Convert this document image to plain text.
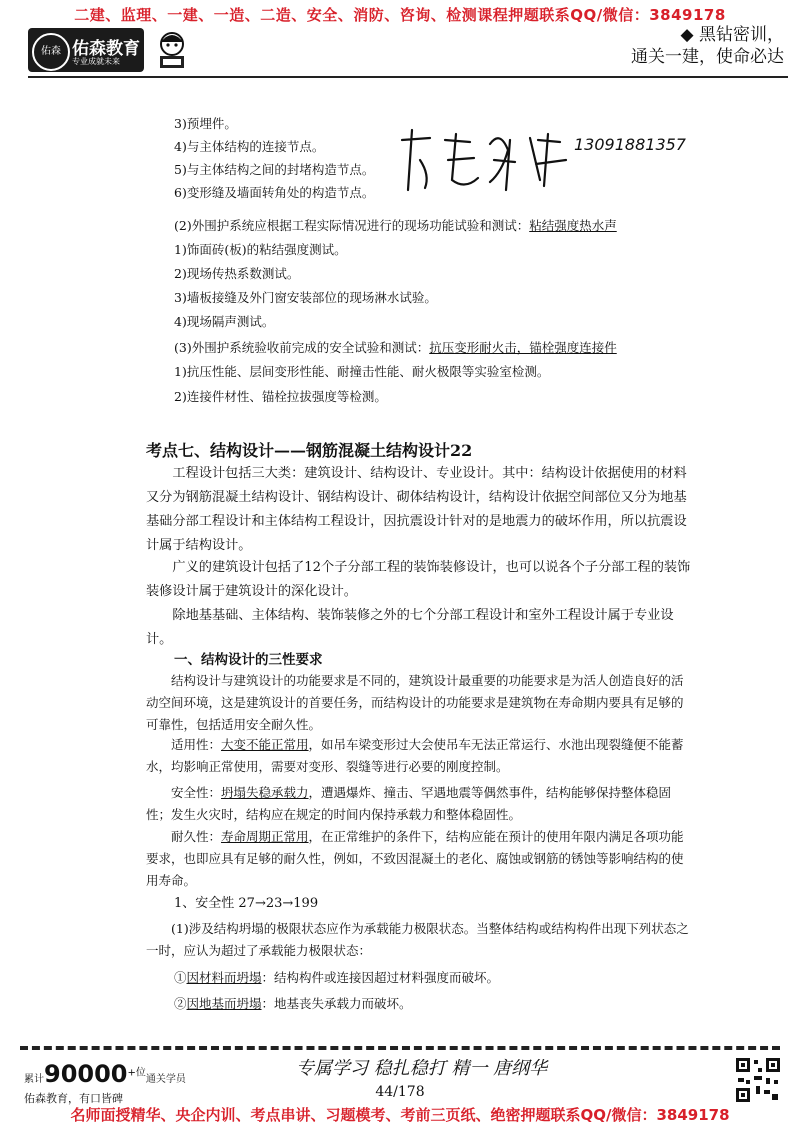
二建、监理、一建、一造、二造、安全、消防、咨询、检测课程押题联系QQ/微信：3849178
佑森 佑森教育
专业成就未来
◆ 黑钻密训，
通关一建，使命必达
3)预埋件。
4)与主体结构的连接节点。
5)与主体结构之间的封堵构造节点。
6)变形缝及墙面转角处的构造节点。
13091881357
(2)外围护系统应根据工程实际情况进行的现场功能试验和测试：粘结强度热水声
1)饰面砖(板)的粘结强度测试。
2)现场传热系数测试。
3)墙板接缝及外门窗安装部位的现场淋水试验。
4)现场隔声测试。
(3)外围护系统验收前完成的安全试验和测试：抗压变形耐火击，锚栓强度连接件
1)抗压性能、层间变形性能、耐撞击性能、耐火极限等实验室检测。
2)连接件材性、锚栓拉拔强度等检测。
考点七、结构设计——钢筋混凝土结构设计22
工程设计包括三大类：建筑设计、结构设计、专业设计。其中：结构设计依据使用的材料又分为钢筋混凝土结构设计、钢结构设计、砌体结构设计，结构设计依据空间部位又分为地基基础分部工程设计和主体结构工程设计，因抗震设计针对的是地震力的破坏作用，所以抗震设计属于结构设计。
广义的建筑设计包括了12个子分部工程的装饰装修设计，也可以说各个子分部工程的装饰装修设计属于建筑设计的深化设计。
除地基基础、主体结构、装饰装修之外的七个分部工程设计和室外工程设计属于专业设计。
一、结构设计的三性要求
结构设计与建筑设计的功能要求是不同的，建筑设计最重要的功能要求是为活人创造良好的活动空间环境，这是建筑设计的首要任务，而结构设计的功能要求是建筑物在寿命期内要具有足够的可靠性，包括适用安全耐久性。
适用性：大变不能正常用，如吊车梁变形过大会使吊车无法正常运行、水池出现裂缝便不能蓄水，均影响正常使用，需要对变形、裂缝等进行必要的刚度控制。
安全性：坍塌失稳承载力，遭遇爆炸、撞击、罕遇地震等偶然事件，结构能够保持整体稳固性；发生火灾时，结构应在规定的时间内保持承载力和整体稳固性。
耐久性：寿命周期正常用，在正常维护的条件下，结构应能在预计的使用年限内满足各项功能要求，也即应具有足够的耐久性，例如，不致因混凝土的老化、腐蚀或钢筋的锈蚀等影响结构的使用寿命。
1、安全性 27→23→199
(1)涉及结构坍塌的极限状态应作为承载能力极限状态。当整体结构或结构构件出现下列状态之一时，应认为超过了承载能力极限状态：
①因材料而坍塌：结构构件或连接因超过材料强度而破坏。
②因地基而坍塌：地基丧失承载力而破坏。
累计$90000^{+位}$通关学员
佑森教育，有口皆碑
专属学习 稳扎稳打 精一 唐纲华
44/178
名师面授精华、央企内训、考点串讲、习题模考、考前三页纸、绝密押题联系QQ/微信：3849178
